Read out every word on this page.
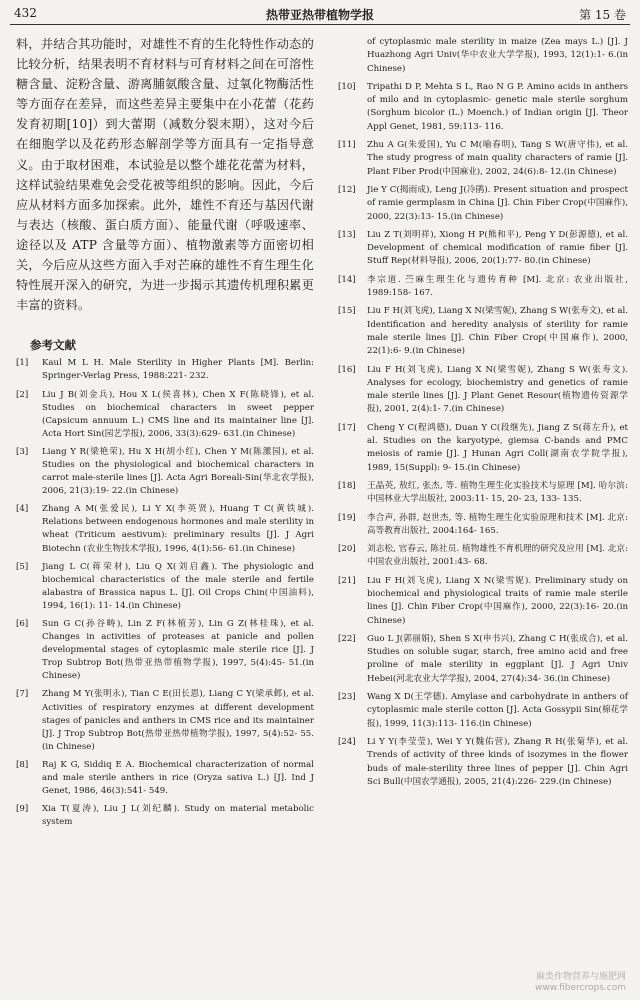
432	热带亚热带植物学报	第 15 卷

料，并结合其功能时，对雄性不育的生化特性作动态的比较分析，结果表明不育材料与可育材料之间在可溶性糖含量、淀粉含量、游离脯氨酸含量、过氧化物酶活性等方面存在差异，而这些差异主要集中在小花蕾（花药发育初期[10]）到大蕾期（减数分裂末期），这对今后在细胞学以及花药形态解剖学等方面具有一定指导意义。由于取材困难，本试验是以整个雄花花蕾为材料，这样试验结果难免会受花被等组织的影响。因此，今后应从材料方面多加探索。此外，雄性不育还与基因代谢与表达（核酸、蛋白质方面）、能量代谢（呼吸速率、途径以及 ATP 含量等方面）、植物激素等方面密切相关，今后应从这些方面入手对芒麻的雄性不育生理生化特性展开深入的研究，为进一步揭示其遗传机理积累更丰富的资料。

参考文献
[1] Kaul M L H. Male Sterility in Higher Plants [M]. Berlin: Springer-Verlag Press, 1988:221- 232.
[2] Liu J B(刘金兵), Hou X L(侯喜林), Chen X F(陈晓锋), et al. Studies on biochemical characters in sweet pepper (Capsicum annuum L.) CMS line and its maintainer line [J]. Acta Hort Sin(园艺学报), 2006, 33(3):629- 631.(in Chinese)
[3] Liang Y R(梁艳荣), Hu X H(胡小红), Chen Y M(陈漯园), et al. Studies on the physiological and biochemical characters in carrot male-sterile lines [J]. Acta Agri Boreali-Sin(华北农学报), 2006, 21(3):19- 22.(in Chinese)
[4] Zhang A M(张爱民), Li Y X(李英贤), Huang T C(黄铁城). Relations between endogenous hormones and male sterility in wheat (Triticum aestivum): preliminary results [J]. J Agri Biotechn (农业生物技术学报), 1996, 4(1):56- 61.(in Chinese)
[5] Jiang L C(蒋荣材), Liu Q X(刘启鑫). The physiologic and biochemical characteristics of the male sterile and fertile alabastra of Brassica napus L. [J]. Oil Crops Chin(中国油料), 1994, 16(1): 11- 14.(in Chinese)
[6] Sun G C(孙谷畴), Lin Z F(林植芳), Lin G Z(林桂珠), et al. Changes in activities of proteases at panicle and pollen developmental stages of cytoplasmic male sterile rice [J]. J Trop Subtrop Bot(热带亚热带植物学报), 1997, 5(4):45- 51.(in Chinese)
[7] Zhang M Y(张明永), Tian C E(田长恩), Liang C Y(梁承邺), et al. Activities of respiratory enzymes at different development stages of panicles and anthers in CMS rice and its maintainer [J]. J Trop Subtrop Bot(热带亚热带植物学报), 1997, 5(4):52- 55.(in Chinese)
[8] Raj K G, Siddiq E A. Biochemical characterization of normal and male sterile anthers in rice (Oryza sativa L.) [J]. Ind J Genet, 1986, 46(3):541- 549.
[9] Xia T(夏涛), Liu J L(刘纪麟). Study on material metabolic system
of cytoplasmic male sterility in maize (Zea mays L.) [J]. J Huazhong Agri Univ(华中农业大学学报), 1993, 12(1):1- 6.(in Chinese)
[10] Tripathi D P, Mehta S L, Rao N G P. Amino acids in anthers of milo and in cytoplasmic- genetic male sterile sorghum (Sorghum bicolor (L.) Moench.) of Indian origin [J]. Theor Appl Genet, 1981, 59:113- 116.
[11] Zhu A G(朱爱国), Yu C M(喻春明), Tang S W(唐守伟), et al. The study progress of main quality characters of ramie [J]. Plant Fiber Prod(中国麻业), 2002, 24(6):8- 12.(in Chinese)
[12] Jie Y C(揭雨成), Leng J(冷鹃). Present situation and prospect of ramie germplasm in China [J]. Chin Fiber Crop(中国麻作), 2000, 22(3):13- 15.(in Chinese)
[13] Liu Z T(刘明祥), Xiong H P(熊和平), Peng Y D(彭源德), et al. Development of chemical modification of ramie fiber [J]. Stuff Rep(材料导报), 2006, 20(1):77- 80.(in Chinese)
[14] 李宗道. 苎麻生理生化与遗传育种 [M]. 北京: 农业出版社, 1989:158- 167.
[15] Liu F H(刘飞虎), Liang X N(梁雪妮), Zhang S W(张寿文), et al. Identification and heredity analysis of sterility for ramie male sterile lines [J]. Chin Fiber Crop(中国麻作), 2000, 22(1):6- 9.(in Chinese)
[16] Liu F H(刘飞虎), Liang X N(梁雪妮), Zhang S W(张寿文). Analyses for ecology, biochemistry and genetics of ramie male sterile lines [J]. J Plant Genet Resour(植物遗传资源学报), 2001, 2(4):1- 7.(in Chinese)
[17] Cheng Y C(程鸿德), Duan Y C(段继先), Jiang Z S(蒋左升), et al. Studies on the karyotype, giemsa C-bands and PMC meiosis of ramie [J]. J Hunan Agri Coll(湖南农学院学报), 1989, 15(Suppl): 9- 15.(in Chinese)
[18] 王晶英, 敖红, 张杰, 等. 植物生理生化实验技术与原理 [M]. 哈尔滨: 中国林业大学出版社, 2003:11- 15, 20- 23, 133- 135.
[19] 李合声, 孙群, 赵世杰, 等. 植物生理生化实验原理和技术 [M]. 北京: 高等教育出版社, 2004:164- 165.
[20] 刘志松, 官春云, 陈社员. 植物雄性不育机理的研究及应用 [M]. 北京: 中国农业出版社, 2001:43- 68.
[21] Liu F H(刘飞虎), Liang X N(梁雪妮). Preliminary study on biochemical and physiological traits of ramie male sterile lines [J]. Chin Fiber Crop(中国麻作), 2000, 22(3):16- 20.(in Chinese)
[22] Guo L J(郭丽娟), Shen S X(申书兴), Zhang C H(张成合), et al. Studies on soluble sugar, starch, free amino acid and free proline of male sterility in eggplant [J]. J Agri Univ Hebei(河北农业大学学报), 2004, 27(4):34- 36.(in Chinese)
[23] Wang X D(王学德). Amylase and carbohydrate in anthers of cytoplasmic male sterile cotton [J]. Acta Gossypii Sin(棉花学报), 1999, 11(3):113- 116.(in Chinese)
[24] Li Y Y(李莹莹), Wei Y Y(魏佑营), Zhang R H(张菊华), et al. Trends of activity of three kinds of isozymes in the flower buds of male-sterility three lines of pepper [J]. Chin Agri Sci Bull(中国农学通报), 2005, 21(4):226- 229.(in Chinese)
麻类作物营养与施肥网
www.fibercrops.com
